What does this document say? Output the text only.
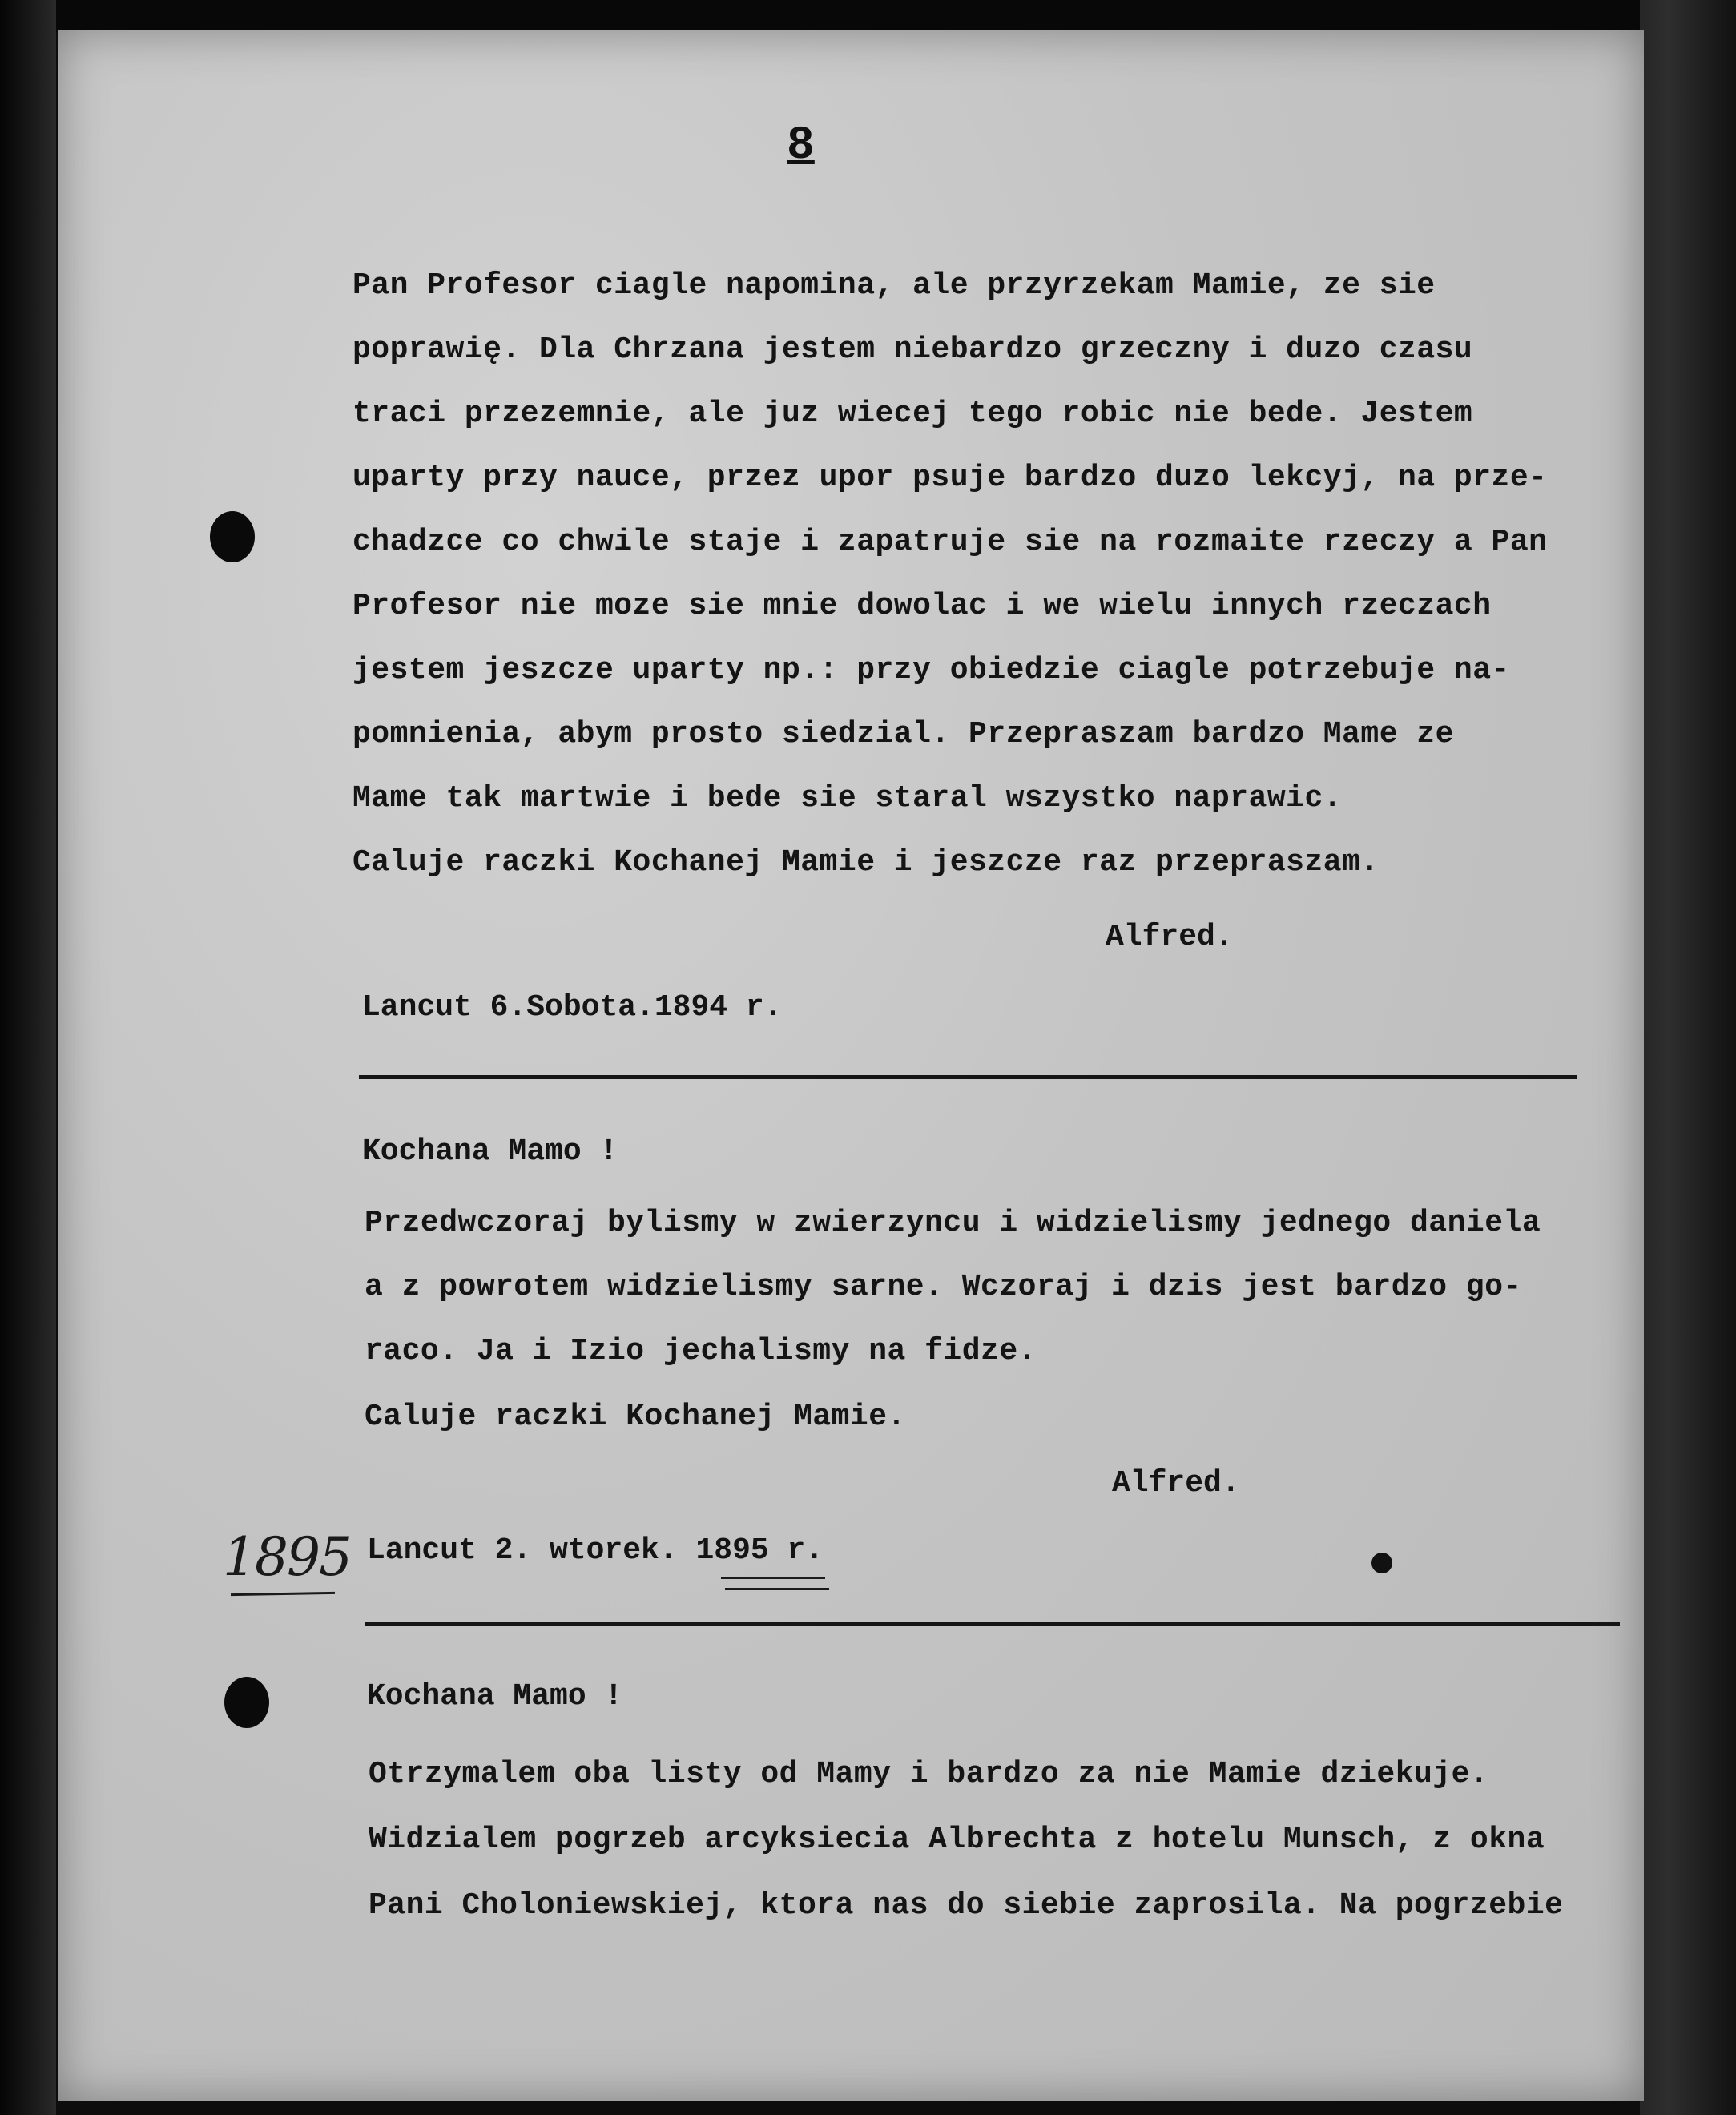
8
Pan Profesor ciagle napomina, ale przyrzekam Mamie, ze sie
poprawię. Dla Chrzana jestem niebardzo grzeczny i duzo czasu
traci przezemnie, ale juz wiecej tego robic nie bede. Jestem
uparty przy nauce, przez upor psuje bardzo duzo lekcyj, na prze-
chadzce co chwile staje i zapatruje sie na rozmaite rzeczy a Pan
Profesor nie moze sie mnie dowolac i we wielu innych rzeczach
jestem jeszcze uparty np.: przy obiedzie ciagle potrzebuje na-
pomnienia, abym prosto siedzial. Przepraszam bardzo Mame ze
Mame tak martwie i bede sie staral wszystko naprawic.
Caluje raczki Kochanej Mamie i jeszcze raz przepraszam.
Alfred.
Lancut 6.Sobota.1894 r.
Kochana Mamo !
Przedwczoraj bylismy w zwierzyncu i widzielismy jednego daniela
a z powrotem widzielismy sarne. Wczoraj i dzis jest bardzo go-
raco. Ja i Izio jechalismy na fidze.
Caluje raczki Kochanej Mamie.
Alfred.
Lancut 2. wtorek. 1895 r.
1895
Kochana Mamo !
Otrzymalem oba listy od Mamy i bardzo za nie Mamie dziekuje.
Widzialem pogrzeb arcyksiecia Albrechta z hotelu Munsch, z okna
Pani Choloniewskiej, ktora nas do siebie zaprosila. Na pogrzebie
